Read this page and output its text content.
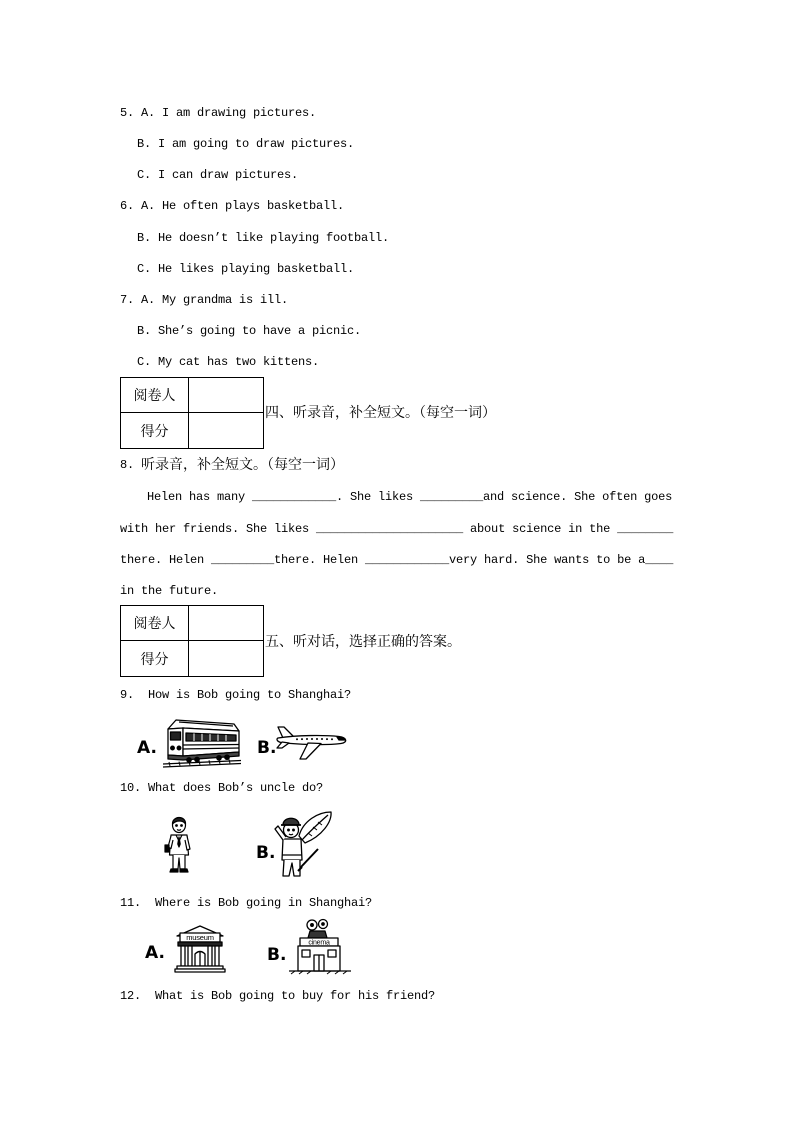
5. A. I am drawing pictures.
B. I am going to draw pictures.
C. I can draw pictures.
6. A. He often plays basketball.
B. He doesn’t like playing football.
C. He likes playing basketball.
7. A. My grandma is ill.
B. She’s going to have a picnic.
C. My cat has two kittens.
阅卷人
得分
四、听录音，补全短文。（每空一词）
8. 听录音，补全短文。（每空一词）
Helen has many ____________. She likes _________and science. She often goes
with her friends. She likes _____________________ about science in the ________
there. Helen _________there. Helen ____________very hard. She wants to be a____
in the future.
阅卷人
得分
五、听对话，选择正确的答案。
9.  How is Bob going to Shanghai?
A.	B.
10. What does Bob’s uncle do?
B.
11.  Where is Bob going in Shanghai?
A.
museum
B.
cinema
12.  What is Bob going to buy for his friend?
